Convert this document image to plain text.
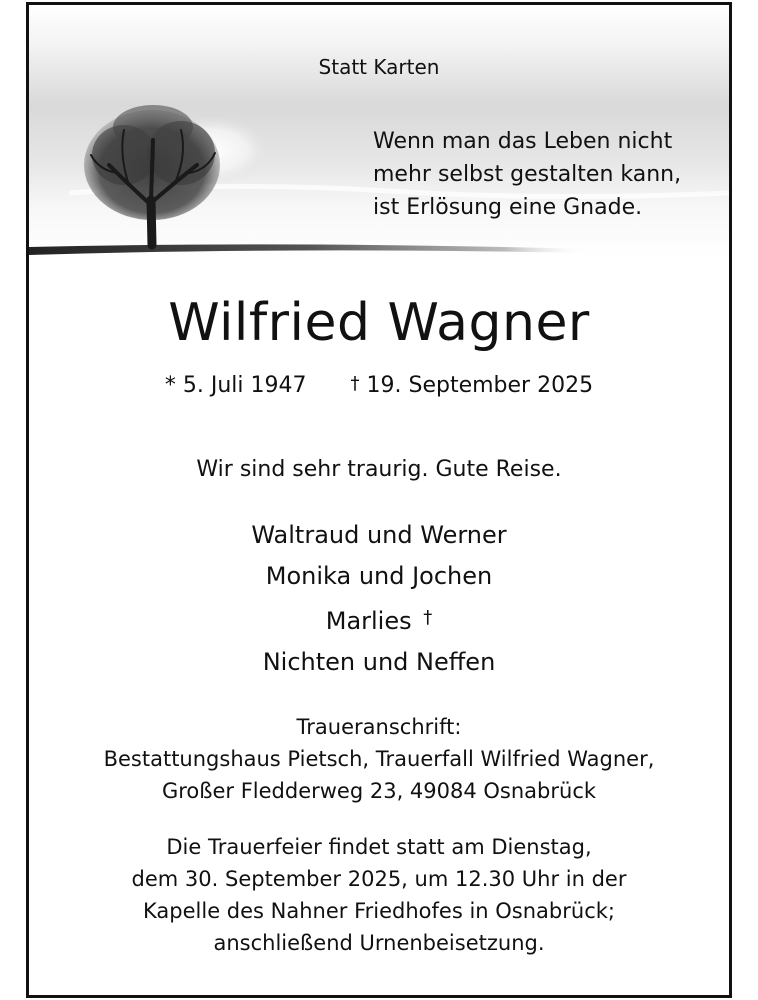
Statt Karten
Wenn man das Leben nicht
mehr selbst gestalten kann,
ist Erlösung eine Gnade.
Wilfried Wagner
* 5. Juli 1947 † 19. September 2025
Wir sind sehr traurig. Gute Reise.
Waltraud und Werner
Monika und Jochen
Marlies †
Nichten und Neffen
Traueranschrift:
Bestattungshaus Pietsch, Trauerfall Wilfried Wagner,
Großer Fledderweg 23, 49084 Osnabrück
Die Trauerfeier findet statt am Dienstag,
dem 30. September 2025, um 12.30 Uhr in der
Kapelle des Nahner Friedhofes in Osnabrück;
anschließend Urnenbeisetzung.
